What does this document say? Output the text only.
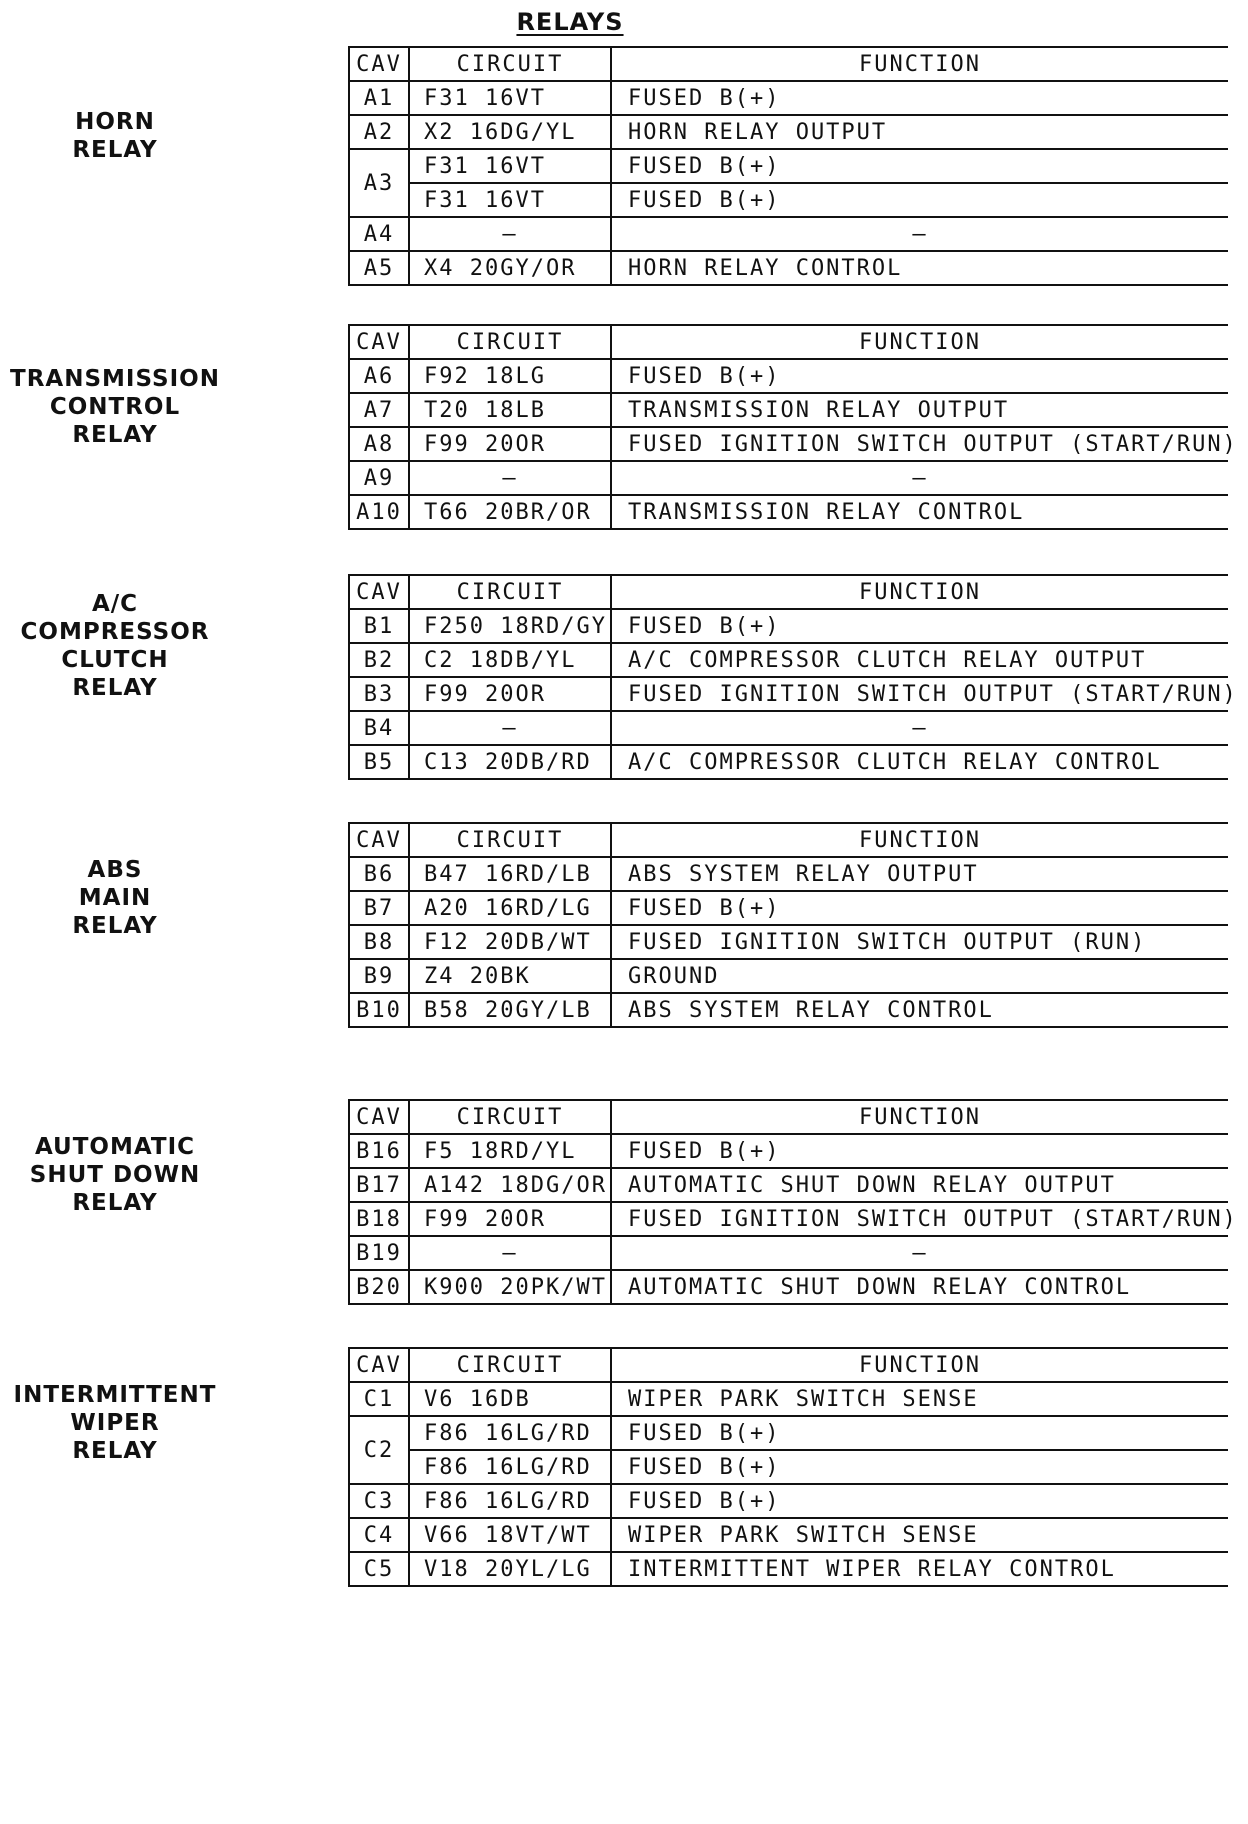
RELAYS
HORN
RELAY
CAV	CIRCUIT	FUNCTION
A1	F31 16VT	FUSED B(+)
A2	X2 16DG/YL	HORN RELAY OUTPUT
A3	F31 16VT	FUSED B(+)
	F31 16VT	FUSED B(+)
A4	–	–
A5	X4 20GY/OR	HORN RELAY CONTROL
TRANSMISSION
CONTROL
RELAY
CAV	CIRCUIT	FUNCTION
A6	F92 18LG	FUSED B(+)
A7	T20 18LB	TRANSMISSION RELAY OUTPUT
A8	F99 20OR	FUSED IGNITION SWITCH OUTPUT (START/RUN)
A9	–	–
A10	T66 20BR/OR	TRANSMISSION RELAY CONTROL
A/C
COMPRESSOR
CLUTCH
RELAY
CAV	CIRCUIT	FUNCTION
B1	F250 18RD/GY	FUSED B(+)
B2	C2 18DB/YL	A/C COMPRESSOR CLUTCH RELAY OUTPUT
B3	F99 20OR	FUSED IGNITION SWITCH OUTPUT (START/RUN)
B4	–	–
B5	C13 20DB/RD	A/C COMPRESSOR CLUTCH RELAY CONTROL
ABS
MAIN
RELAY
CAV	CIRCUIT	FUNCTION
B6	B47 16RD/LB	ABS SYSTEM RELAY OUTPUT
B7	A20 16RD/LG	FUSED B(+)
B8	F12 20DB/WT	FUSED IGNITION SWITCH OUTPUT (RUN)
B9	Z4 20BK	GROUND
B10	B58 20GY/LB	ABS SYSTEM RELAY CONTROL
AUTOMATIC
SHUT DOWN
RELAY
CAV	CIRCUIT	FUNCTION
B16	F5 18RD/YL	FUSED B(+)
B17	A142 18DG/OR	AUTOMATIC SHUT DOWN RELAY OUTPUT
B18	F99 20OR	FUSED IGNITION SWITCH OUTPUT (START/RUN)
B19	–	–
B20	K900 20PK/WT	AUTOMATIC SHUT DOWN RELAY CONTROL
INTERMITTENT
WIPER
RELAY
CAV	CIRCUIT	FUNCTION
C1	V6 16DB	WIPER PARK SWITCH SENSE
C2	F86 16LG/RD	FUSED B(+)
	F86 16LG/RD	FUSED B(+)
C3	F86 16LG/RD	FUSED B(+)
C4	V66 18VT/WT	WIPER PARK SWITCH SENSE
C5	V18 20YL/LG	INTERMITTENT WIPER RELAY CONTROL
